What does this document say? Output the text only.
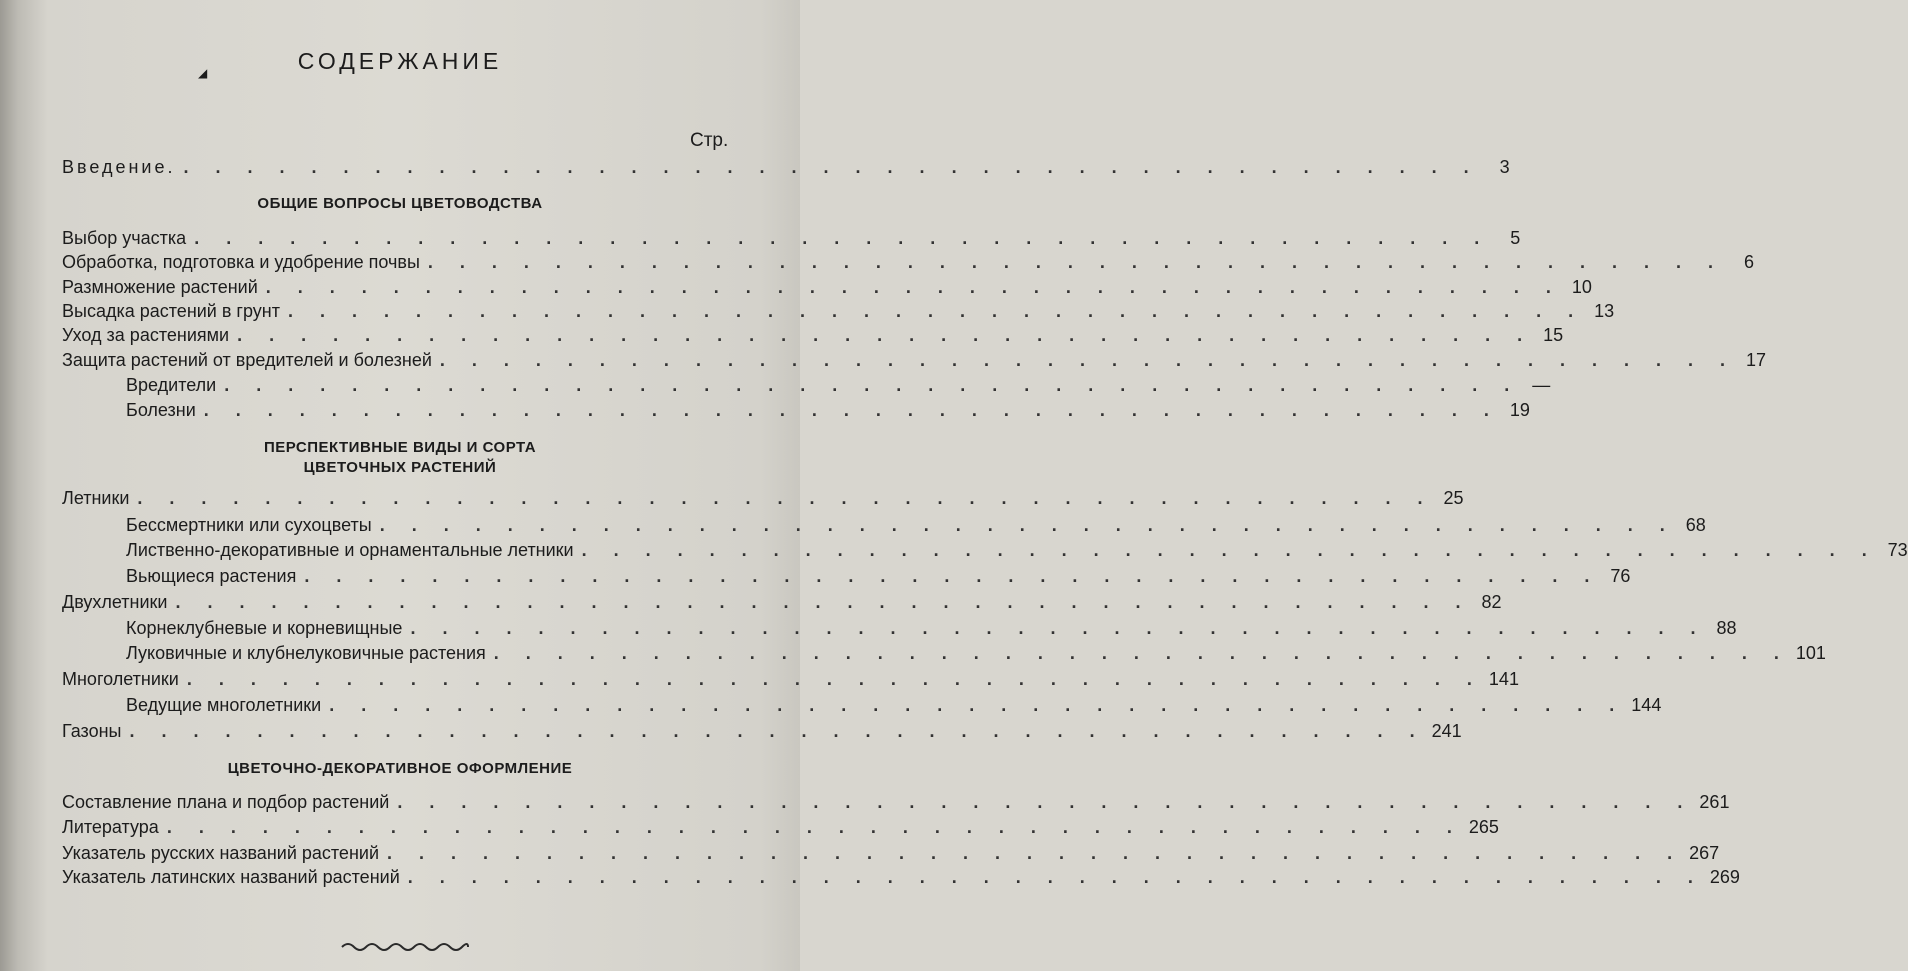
◢	СОДЕРЖАНИЕ
Стр.
Введение. . . . . . . . . . . . . . . . . . . . . . . . . . . . . . . . . . . . . . . . . .	3
ОБЩИЕ ВОПРОСЫ ЦВЕТОВОДСТВА
Выбор участка . . . . . . . . . . . . . . . . . . . . . . . . . . . . . . . . . . . . . . . . .	5
Обработка, подготовка и удобрение почвы . . . . . . . . . . . . . . . . . . . . . . . . . . . . . . . . . . . . . . . . .	6
Размножение растений . . . . . . . . . . . . . . . . . . . . . . . . . . . . . . . . . . . . . . . . . 10
Высадка растений в грунт . . . . . . . . . . . . . . . . . . . . . . . . . . . . . . . . . . . . . . . . . 13
Уход за растениями . . . . . . . . . . . . . . . . . . . . . . . . . . . . . . . . . . . . . . . . . 15
Защита растений от вредителей и болезней . . . . . . . . . . . . . . . . . . . . . . . . . . . . . . . . . . . . . . . . . 17
Вредители . . . . . . . . . . . . . . . . . . . . . . . . . . . . . . . . . . . . . . . . . —
Болезни . . . . . . . . . . . . . . . . . . . . . . . . . . . . . . . . . . . . . . . . . 19
ПЕРСПЕКТИВНЫЕ ВИДЫ И СОРТА
ЦВЕТОЧНЫХ РАСТЕНИЙ
Летники . . . . . . . . . . . . . . . . . . . . . . . . . . . . . . . . . . . . . . . . . 25
Бессмертники или сухоцветы . . . . . . . . . . . . . . . . . . . . . . . . . . . . . . . . . . . . . . . . . 68
Лиственно-декоративные и орнаментальные летники . . . . . . . . . . . . . . . . . . . . . . . . . . . . . . . . . . . . . . . . . 73
Вьющиеся растения . . . . . . . . . . . . . . . . . . . . . . . . . . . . . . . . . . . . . . . . . 76
Двухлетники . . . . . . . . . . . . . . . . . . . . . . . . . . . . . . . . . . . . . . . . . 82
Корнеклубневые и корневищные . . . . . . . . . . . . . . . . . . . . . . . . . . . . . . . . . . . . . . . . . 88
Луковичные и клубнелуковичные растения . . . . . . . . . . . . . . . . . . . . . . . . . . . . . . . . . . . . . . . . . 101
Многолетники . . . . . . . . . . . . . . . . . . . . . . . . . . . . . . . . . . . . . . . . . 141
Ведущие многолетники . . . . . . . . . . . . . . . . . . . . . . . . . . . . . . . . . . . . . . . . . 144
Газоны . . . . . . . . . . . . . . . . . . . . . . . . . . . . . . . . . . . . . . . . . 241
ЦВЕТОЧНО-ДЕКОРАТИВНОЕ ОФОРМЛЕНИЕ
Составление плана и подбор растений . . . . . . . . . . . . . . . . . . . . . . . . . . . . . . . . . . . . . . . . . 261
Литература . . . . . . . . . . . . . . . . . . . . . . . . . . . . . . . . . . . . . . . . . 265
Указатель русских названий растений . . . . . . . . . . . . . . . . . . . . . . . . . . . . . . . . . . . . . . . . . 267
Указатель латинских названий растений . . . . . . . . . . . . . . . . . . . . . . . . . . . . . . . . . . . . . . . . . 269
